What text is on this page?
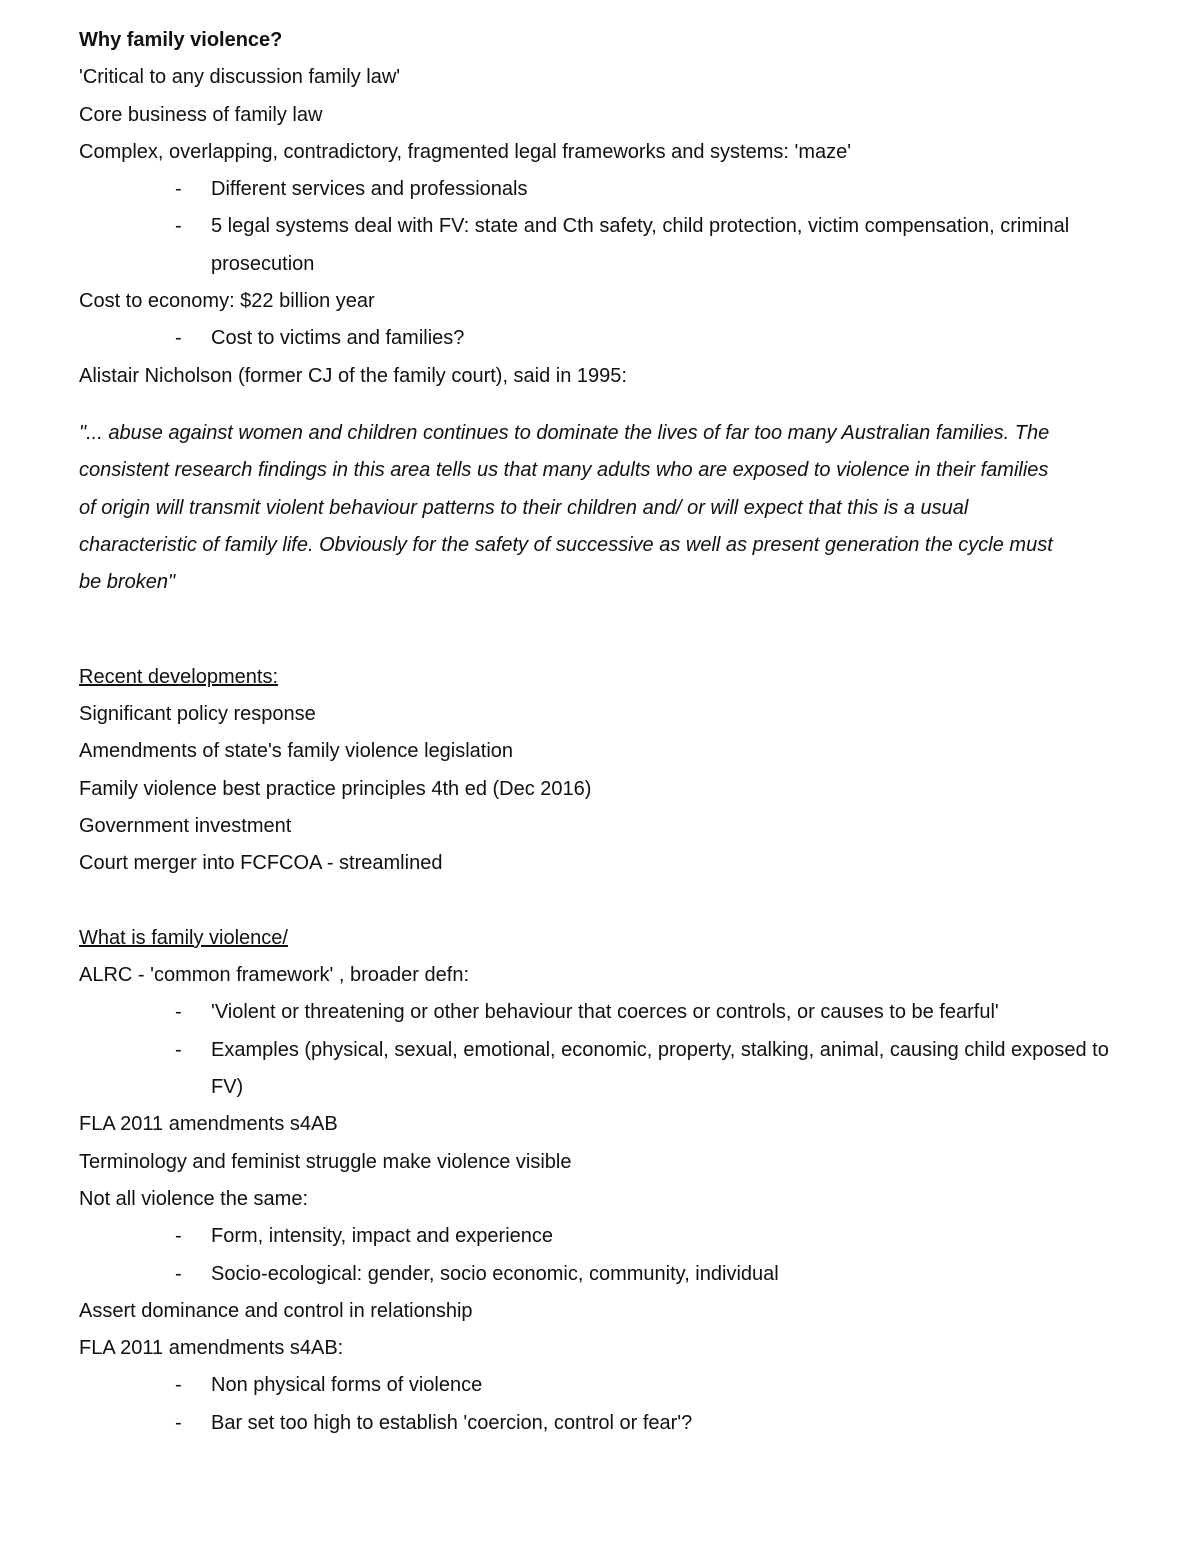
Why family violence?

'Critical to any discussion family law'

Core business of family law

Complex, overlapping, contradictory, fragmented legal frameworks and systems: 'maze'

-	Different services and professionals
-	5 legal systems deal with FV: state and Cth safety, child protection, victim compensation, criminal prosecution

Cost to economy: $22 billion year

-	Cost to victims and families?

Alistair Nicholson (former CJ of the family court), said in 1995:

"... abuse against women and children continues to dominate the lives of far too many Australian families. The consistent research findings in this area tells us that many adults who are exposed to violence in their families of origin will transmit violent behaviour patterns to their children and/ or will expect that this is a usual characteristic of family life. Obviously for the safety of successive as well as present generation the cycle must be broken"

Recent developments:

Significant policy response

Amendments of state's family violence legislation

Family violence best practice principles 4th ed (Dec 2016)

Government investment

Court merger into FCFCOA - streamlined

What is family violence/

ALRC - 'common framework' , broader defn:

-	'Violent or threatening or other behaviour that coerces or controls, or causes to be fearful'
-	Examples (physical, sexual, emotional, economic, property, stalking, animal, causing child exposed to FV)

FLA 2011 amendments s4AB

Terminology and feminist struggle make violence visible

Not all violence the same:

-	Form, intensity, impact and experience
-	Socio-ecological: gender, socio economic, community, individual

Assert dominance and control in relationship

FLA 2011 amendments s4AB:

-	Non physical forms of violence
-	Bar set too high to establish 'coercion, control or fear'?
